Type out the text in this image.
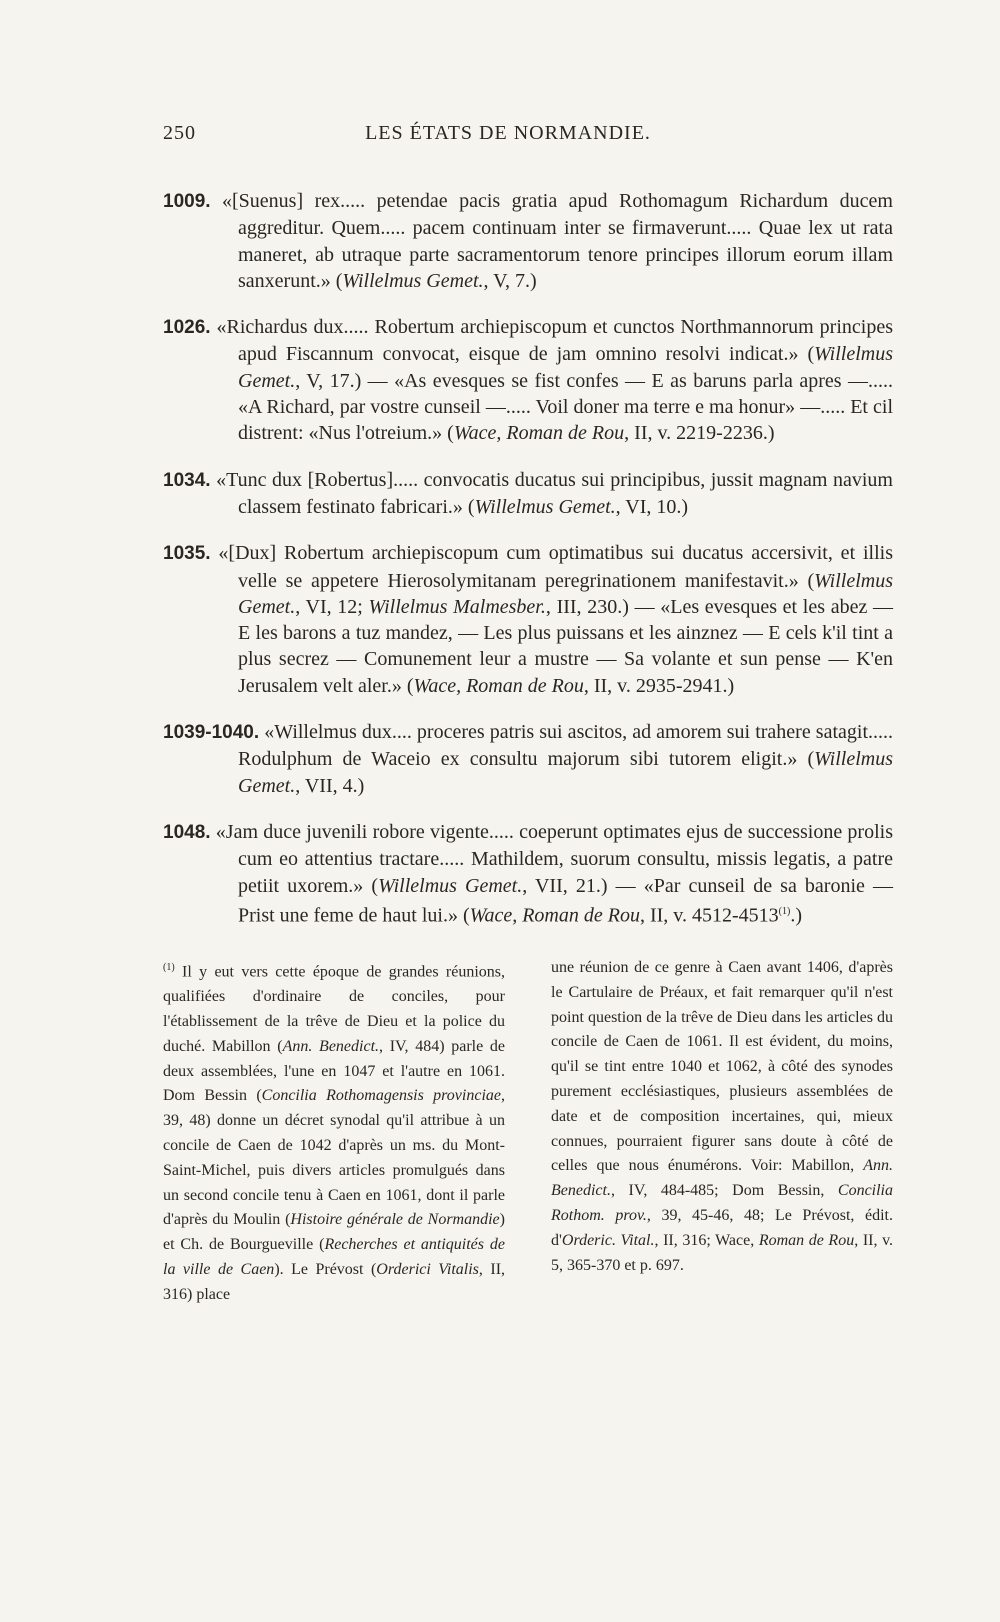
250	LES ÉTATS DE NORMANDIE.

1009. «[Suenus] rex..... petendae pacis gratia apud Rothomagum Richardum ducem aggreditur. Quem..... pacem continuam inter se firmaverunt..... Quae lex ut rata maneret, ab utraque parte sacramentorum tenore principes illorum eorum illam sanxerunt.» (Willelmus Gemet., V, 7.)

1026. «Richardus dux..... Robertum archiepiscopum et cunctos Northmannorum principes apud Fiscannum convocat, eisque de jam omnino resolvi indicat.» (Willelmus Gemet., V, 17.) — «As evesques se fist confes — E as baruns parla apres —..... «A Richard, par vostre cunseil —..... Voil doner ma terre e ma honur» —..... Et cil distrent: «Nus l'otreium.» (Wace, Roman de Rou, II, v. 2219-2236.)

1034. «Tunc dux [Robertus]..... convocatis ducatus sui principibus, jussit magnam navium classem festinato fabricari.» (Willelmus Gemet., VI, 10.)

1035. «[Dux] Robertum archiepiscopum cum optimatibus sui ducatus accersivit, et illis velle se appetere Hierosolymitanam peregrinationem manifestavit.» (Willelmus Gemet., VI, 12; Willelmus Malmesber., III, 230.) — «Les evesques et les abez — E les barons a tuz mandez, — Les plus puissans et les ainznez — E cels k'il tint a plus secrez — Comunement leur a mustre — Sa volante et sun pense — K'en Jerusalem velt aler.» (Wace, Roman de Rou, II, v. 2935-2941.)

1039-1040. «Willelmus dux.... proceres patris sui ascitos, ad amorem sui trahere satagit..... Rodulphum de Waceio ex consultu majorum sibi tutorem eligit.» (Willelmus Gemet., VII, 4.)

1048. «Jam duce juvenili robore vigente..... coeperunt optimates ejus de successione prolis cum eo attentius tractare..... Mathildem, suorum consultu, missis legatis, a patre petiit uxorem.» (Willelmus Gemet., VII, 21.) — «Par cunseil de sa baronie — Prist une feme de haut lui.» (Wace, Roman de Rou, II, v. 4512-4513$^{(1)}$.)

$^{(1)}$ Il y eut vers cette époque de grandes réunions, qualifiées d'ordinaire de conciles, pour l'établissement de la trêve de Dieu et la police du duché. Mabillon (Ann. Benedict., IV, 484) parle de deux assemblées, l'une en 1047 et l'autre en 1061. Dom Bessin (Concilia Rothomagensis provinciae, 39, 48) donne un décret synodal qu'il attribue à un concile de Caen de 1042 d'après un ms. du Mont-Saint-Michel, puis divers articles promulgués dans un second concile tenu à Caen en 1061, dont il parle d'après du Moulin (Histoire générale de Normandie) et Ch. de Bourgueville (Recherches et antiquités de la ville de Caen). Le Prévost (Orderici Vitalis, II, 316) place
une réunion de ce genre à Caen avant 1406, d'après le Cartulaire de Préaux, et fait remarquer qu'il n'est point question de la trêve de Dieu dans les articles du concile de Caen de 1061. Il est évident, du moins, qu'il se tint entre 1040 et 1062, à côté des synodes purement ecclésiastiques, plusieurs assemblées de date et de composition incertaines, qui, mieux connues, pourraient figurer sans doute à côté de celles que nous énumérons. Voir: Mabillon, Ann. Benedict., IV, 484-485; Dom Bessin, Concilia Rothom. prov., 39, 45-46, 48; Le Prévost, édit. d'Orderic. Vital., II, 316; Wace, Roman de Rou, II, v. 5, 365-370 et p. 697.
